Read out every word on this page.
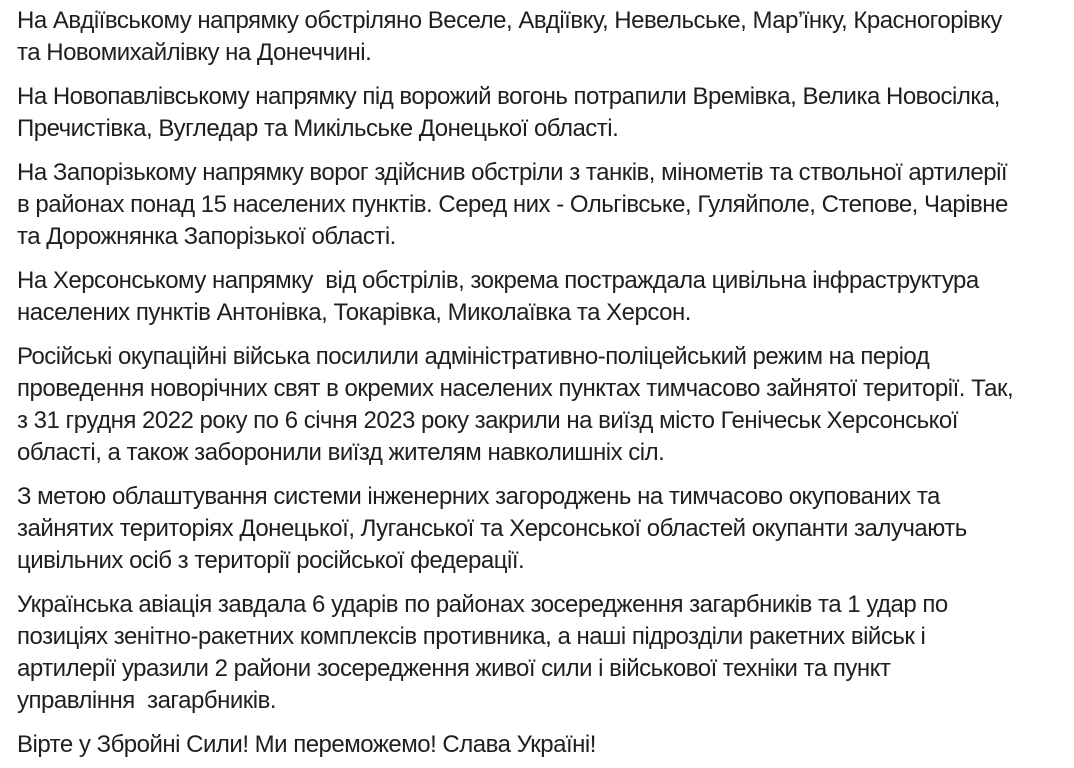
На Авдіївському напрямку обстріляно Веселе, Авдіївку, Невельське, Мар’їнку, Красногорівку
та Новомихайлівку на Донеччині.

На Новопавлівському напрямку під ворожий вогонь потрапили Времівка, Велика Новосілка,
Пречистівка, Вугледар та Микільське Донецької області.

На Запорізькому напрямку ворог здійснив обстріли з танків, мінометів та ствольної артилерії
в районах понад 15 населених пунктів. Серед них - Ольгівське, Гуляйполе, Степове, Чарівне
та Дорожнянка Запорізької області.

На Херсонському напрямку  від обстрілів, зокрема постраждала цивільна інфраструктура
населених пунктів Антонівка, Токарівка, Миколаївка та Херсон.

Російські окупаційні війська посилили адміністративно-поліцейський режим на період
проведення новорічних свят в окремих населених пунктах тимчасово зайнятої території. Так,
з 31 грудня 2022 року по 6 січня 2023 року закрили на виїзд місто Генічеськ Херсонської
області, а також заборонили виїзд жителям навколишніх сіл.

З метою облаштування системи інженерних загороджень на тимчасово окупованих та
зайнятих територіях Донецької, Луганської та Херсонської областей окупанти залучають
цивільних осіб з території російської федерації.

Українська авіація завдала 6 ударів по районах зосередження загарбників та 1 удар по
позиціях зенітно-ракетних комплексів противника, а наші підрозділи ракетних військ і
артилерії уразили 2 райони зосередження живої сили і військової техніки та пункт
управління  загарбників.

Вірте у Збройні Сили! Ми переможемо! Слава Україні!
